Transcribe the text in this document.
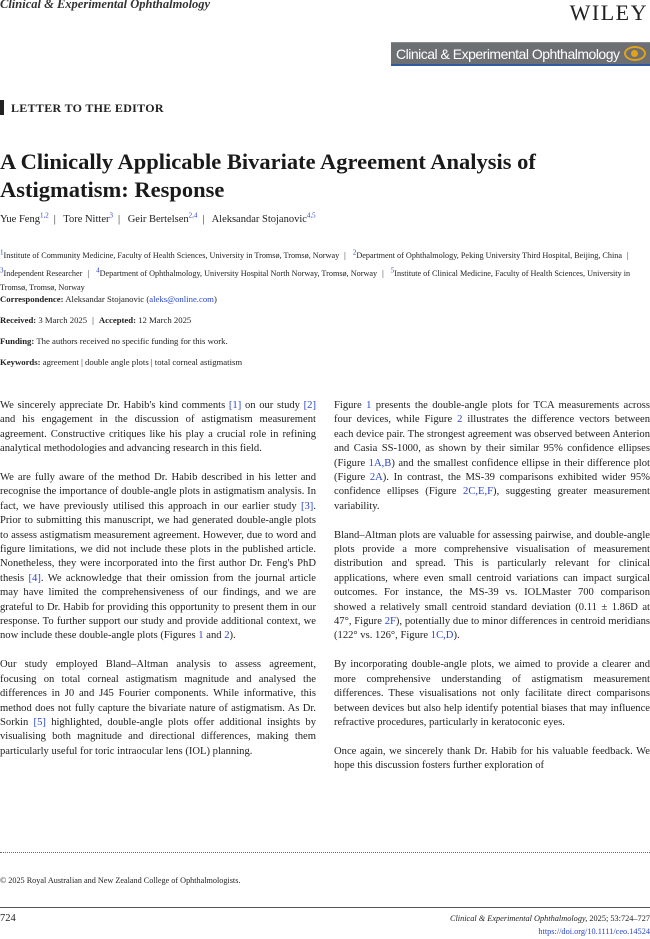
Clinical & Experimental Ophthalmology	WILEY
Clinical & Experimental Ophthalmology
LETTER TO THE EDITOR
A Clinically Applicable Bivariate Agreement Analysis of Astigmatism: Response
Yue Feng$^{1,2}$ | Tore Nitter$^3$ | Geir Bertelsen$^{2,4}$ | Aleksandar Stojanovic$^{4,5}$
$^1$Institute of Community Medicine, Faculty of Health Sciences, University in Tromsø, Tromsø, Norway | $^2$Department of Ophthalmology, Peking University Third Hospital, Beijing, China | $^3$Independent Researcher | $^4$Department of Ophthalmology, University Hospital North Norway, Tromsø, Norway | $^5$Institute of Clinical Medicine, Faculty of Health Sciences, University in Tromsø, Tromsø, Norway
Correspondence: Aleksandar Stojanovic (aleks@online.com)
Received: 3 March 2025 | Accepted: 12 March 2025
Funding: The authors received no specific funding for this work.
Keywords: agreement | double angle plots | total corneal astigmatism

We sincerely appreciate Dr. Habib's kind comments [1] on our study [2] and his engagement in the discussion of astigmatism measurement agreement. Constructive critiques like his play a crucial role in refining analytical methodologies and advancing research in this field.

We are fully aware of the method Dr. Habib described in his letter and recognise the importance of double-angle plots in astigmatism analysis. In fact, we have previously utilised this approach in our earlier study [3]. Prior to submitting this manuscript, we had generated double-angle plots to assess astigmatism measurement agreement. However, due to word and figure limitations, we did not include these plots in the published article. Nonetheless, they were incorporated into the first author Dr. Feng's PhD thesis [4]. We acknowledge that their omission from the journal article may have limited the comprehensiveness of our findings, and we are grateful to Dr. Habib for providing this opportunity to present them in our response. To further support our study and provide additional context, we now include these double-angle plots (Figures 1 and 2).

Our study employed Bland–Altman analysis to assess agreement, focusing on total corneal astigmatism magnitude and analysed the differences in J0 and J45 Fourier components. While informative, this method does not fully capture the bivariate nature of astigmatism. As Dr. Sorkin [5] highlighted, double-angle plots offer additional insights by visualising both magnitude and directional differences, making them particularly useful for toric intraocular lens (IOL) planning.

Figure 1 presents the double-angle plots for TCA measurements across four devices, while Figure 2 illustrates the difference vectors between each device pair. The strongest agreement was observed between Anterion and Casia SS-1000, as shown by their similar 95% confidence ellipses (Figure 1A,B) and the smallest confidence ellipse in their difference plot (Figure 2A). In contrast, the MS-39 comparisons exhibited wider 95% confidence ellipses (Figure 2C,E,F), suggesting greater measurement variability.

Bland–Altman plots are valuable for assessing pairwise, and double-angle plots provide a more comprehensive visualisation of measurement distribution and spread. This is particularly relevant for clinical applications, where even small centroid variations can impact surgical outcomes. For instance, the MS-39 vs. IOLMaster 700 comparison showed a relatively small centroid standard deviation (0.11 ± 1.86D at 47°, Figure 2F), potentially due to minor differences in centroid meridians (122° vs. 126°, Figure 1C,D).

By incorporating double-angle plots, we aimed to provide a clearer and more comprehensive understanding of astigmatism measurement differences. These visualisations not only facilitate direct comparisons between devices but also help identify potential biases that may influence refractive procedures, particularly in keratoconic eyes.

Once again, we sincerely thank Dr. Habib for his valuable feedback. We hope this discussion fosters further exploration of

© 2025 Royal Australian and New Zealand College of Ophthalmologists.
724	Clinical & Experimental Ophthalmology, 2025; 53:724–727
https://doi.org/10.1111/ceo.14524
